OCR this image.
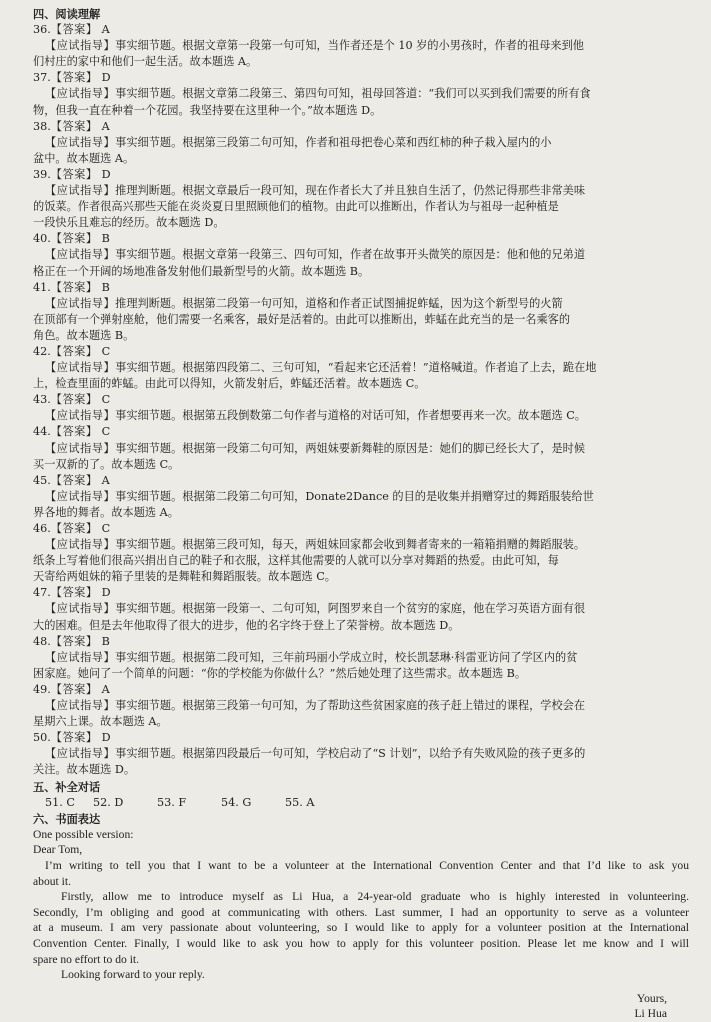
四、阅读理解
36.【答案】 A
【应试指导】事实细节题。根据文章第一段第一句可知，当作者还是个 10 岁的小男孩时，作者的祖母来到他
们村庄的家中和他们一起生活。故本题选 A。
37.【答案】 D
【应试指导】事实细节题。根据文章第二段第三、第四句可知，祖母回答道：“我们可以买到我们需要的所有食
物，但我一直在种着一个花园。我坚持要在这里种一个。”故本题选 D。
38.【答案】 A
【应试指导】事实细节题。根据第三段第二句可知，作者和祖母把卷心菜和西红柿的种子栽入屋内的小
盆中。故本题选 A。
39.【答案】 D
【应试指导】推理判断题。根据文章最后一段可知，现在作者长大了并且独自生活了，仍然记得那些非常美味
的饭菜。作者很高兴那些天能在炎炎夏日里照顾他们的植物。由此可以推断出，作者认为与祖母一起种植是
一段快乐且难忘的经历。故本题选 D。
40.【答案】 B
【应试指导】事实细节题。根据文章第一段第三、四句可知，作者在故事开头微笑的原因是：他和他的兄弟道
格正在一个开阔的场地准备发射他们最新型号的火箭。故本题选 B。
41.【答案】 B
【应试指导】推理判断题。根据第二段第一句可知，道格和作者正试图捕捉蚱蜢，因为这个新型号的火箭
在顶部有一个弹射座舱，他们需要一名乘客，最好是活着的。由此可以推断出，蚱蜢在此充当的是一名乘客的
角色。故本题选 B。
42.【答案】 C
【应试指导】事实细节题。根据第四段第二、三句可知，“看起来它还活着！”道格喊道。作者追了上去，跪在地
上，检查里面的蚱蜢。由此可以得知，火箭发射后，蚱蜢还活着。故本题选 C。
43.【答案】 C
【应试指导】事实细节题。根据第五段倒数第二句作者与道格的对话可知，作者想要再来一次。故本题选 C。
44.【答案】 C
【应试指导】事实细节题。根据第一段第二句可知，两姐妹要新舞鞋的原因是：她们的脚已经长大了，是时候
买一双新的了。故本题选 C。
45.【答案】 A
【应试指导】事实细节题。根据第二段第二句可知，Donate2Dance 的目的是收集并捐赠穿过的舞蹈服装给世
界各地的舞者。故本题选 A。
46.【答案】 C
【应试指导】事实细节题。根据第三段可知，每天，两姐妹回家都会收到舞者寄来的一箱箱捐赠的舞蹈服装。
纸条上写着他们很高兴捐出自己的鞋子和衣服，这样其他需要的人就可以分享对舞蹈的热爱。由此可知，每
天寄给两姐妹的箱子里装的是舞鞋和舞蹈服装。故本题选 C。
47.【答案】 D
【应试指导】事实细节题。根据第一段第一、二句可知，阿图罗来自一个贫穷的家庭，他在学习英语方面有很
大的困难。但是去年他取得了很大的进步，他的名字终于登上了荣誉榜。故本题选 D。
48.【答案】 B
【应试指导】事实细节题。根据第二段可知，三年前玛丽小学成立时，校长凯瑟琳·科雷亚访问了学区内的贫
困家庭。她问了一个简单的问题：“你的学校能为你做什么？”然后她处理了这些需求。故本题选 B。
49.【答案】 A
【应试指导】事实细节题。根据第三段第一句可知，为了帮助这些贫困家庭的孩子赶上错过的课程，学校会在
星期六上课。故本题选 A。
50.【答案】 D
【应试指导】事实细节题。根据第四段最后一句可知，学校启动了“S 计划”，以给予有失败风险的孩子更多的
关注。故本题选 D。
五、补全对话
51. C	52. D	53. F	54. G	55. A
六、书面表达
One possible version:
Dear Tom,
I’m writing to tell you that I want to be a volunteer at the International Convention Center and that I’d like to ask you
about it.
Firstly, allow me to introduce myself as Li Hua, a 24-year-old graduate who is highly interested in volunteering.
Secondly, I’m obliging and good at communicating with others. Last summer, I had an opportunity to serve as a volunteer
at a museum. I am very passionate about volunteering, so I would like to apply for a volunteer position at the International
Convention Center. Finally, I would like to ask you how to apply for this volunteer position. Please let me know and I will
spare no effort to do it.
Looking forward to your reply.
Yours,
Li Hua
